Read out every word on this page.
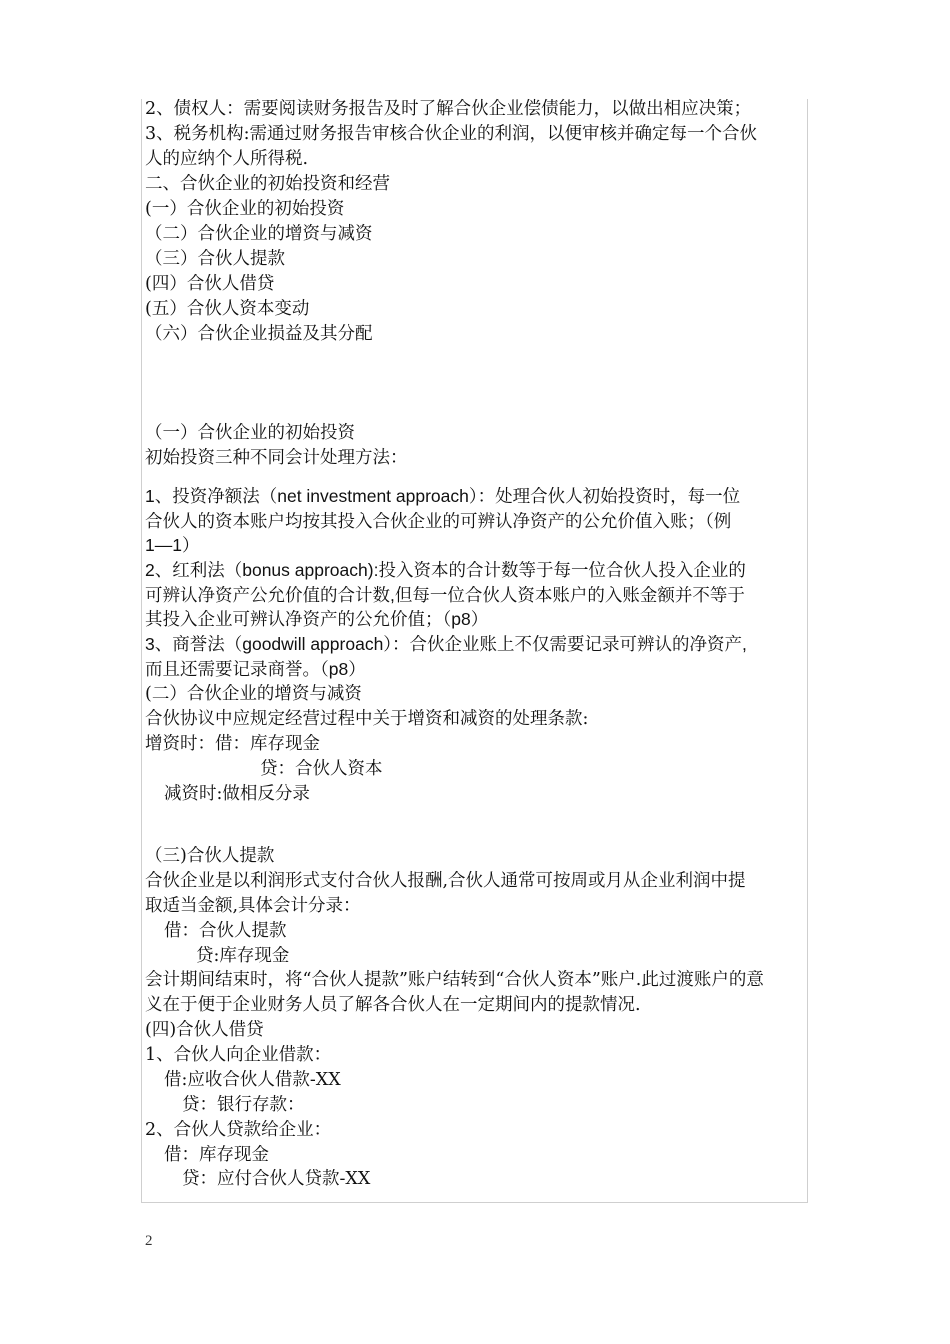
2、债权人：需要阅读财务报告及时了解合伙企业偿债能力，以做出相应决策；
3、税务机构:需通过财务报告审核合伙企业的利润，以便审核并确定每一个合伙
人的应纳个人所得税.
二、合伙企业的初始投资和经营
(一）合伙企业的初始投资
（二）合伙企业的增资与减资
（三）合伙人提款
(四）合伙人借贷
(五）合伙人资本变动
（六）合伙企业损益及其分配
（一）合伙企业的初始投资
初始投资三种不同会计处理方法：
1、投资净额法（net investment approach）：处理合伙人初始投资时，每一位
合伙人的资本账户均按其投入合伙企业的可辨认净资产的公允价值入账；（例
1—1）
2、红利法（bonus approach):投入资本的合计数等于每一位合伙人投入企业的
可辨认净资产公允价值的合计数,但每一位合伙人资本账户的入账金额并不等于
其投入企业可辨认净资产的公允价值；（p8）
3、商誉法（goodwill approach）：合伙企业账上不仅需要记录可辨认的净资产,
而且还需要记录商誉。（p8）
(二）合伙企业的增资与减资
合伙协议中应规定经营过程中关于增资和减资的处理条款:
增资时：借：库存现金
贷：合伙人资本
减资时:做相反分录
（三)合伙人提款
合伙企业是以利润形式支付合伙人报酬,合伙人通常可按周或月从企业利润中提
取适当金额,具体会计分录：
借：合伙人提款
贷:库存现金
会计期间结束时，将“合伙人提款”账户结转到“合伙人资本”账户.此过渡账户的意
义在于便于企业财务人员了解各合伙人在一定期间内的提款情况.
(四)合伙人借贷
1、合伙人向企业借款：
借:应收合伙人借款-XX
贷：银行存款：
2、合伙人贷款给企业：
借：库存现金
贷：应付合伙人贷款-XX
2
